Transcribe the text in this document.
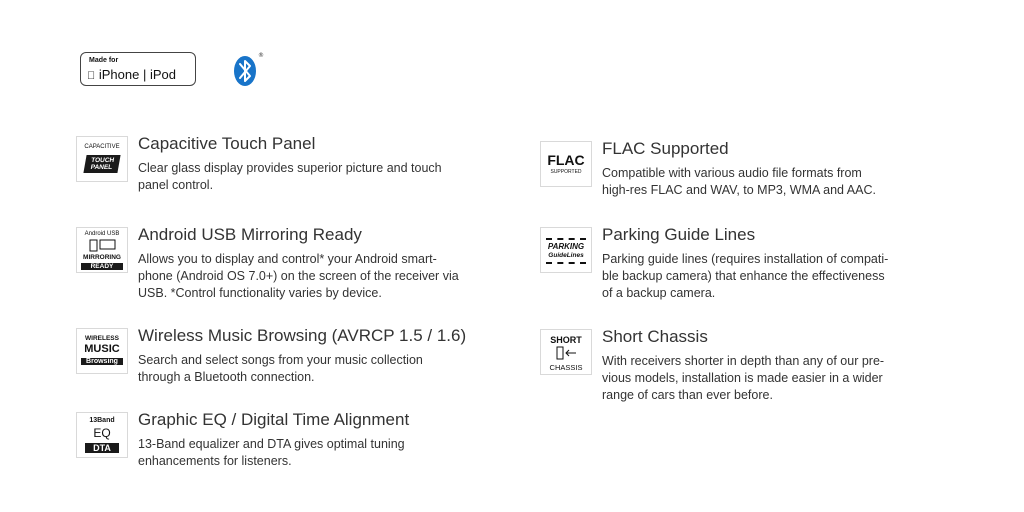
Made for
iPhone | iPod
®
CAPACITIVE
TOUCH PANEL
Capacitive Touch Panel
Clear glass display provides superior picture and touch
panel control.
Android USB
MIRRORING
READY
Android USB Mirroring Ready
Allows you to display and control* your Android smart-
phone (Android OS 7.0+) on the screen of the receiver via
USB. *Control functionality varies by device.
WIRELESS
MUSIC
Browsing
Wireless Music Browsing (AVRCP 1.5 / 1.6)
Search and select songs from your music collection
through a Bluetooth connection.
13Band
EQ
DTA
Graphic EQ / Digital Time Alignment
13-Band equalizer and DTA gives optimal tuning
enhancements for listeners.
FLAC
SUPPORTED
FLAC Supported
Compatible with various audio file formats from
high-res FLAC and WAV, to MP3, WMA and AAC.
PARKING
GuideLines
Parking Guide Lines
Parking guide lines (requires installation of compati-
ble backup camera) that enhance the effectiveness
of a backup camera.
SHORT
CHASSIS
Short Chassis
With receivers shorter in depth than any of our pre-
vious models, installation is made easier in a wider
range of cars than ever before.
